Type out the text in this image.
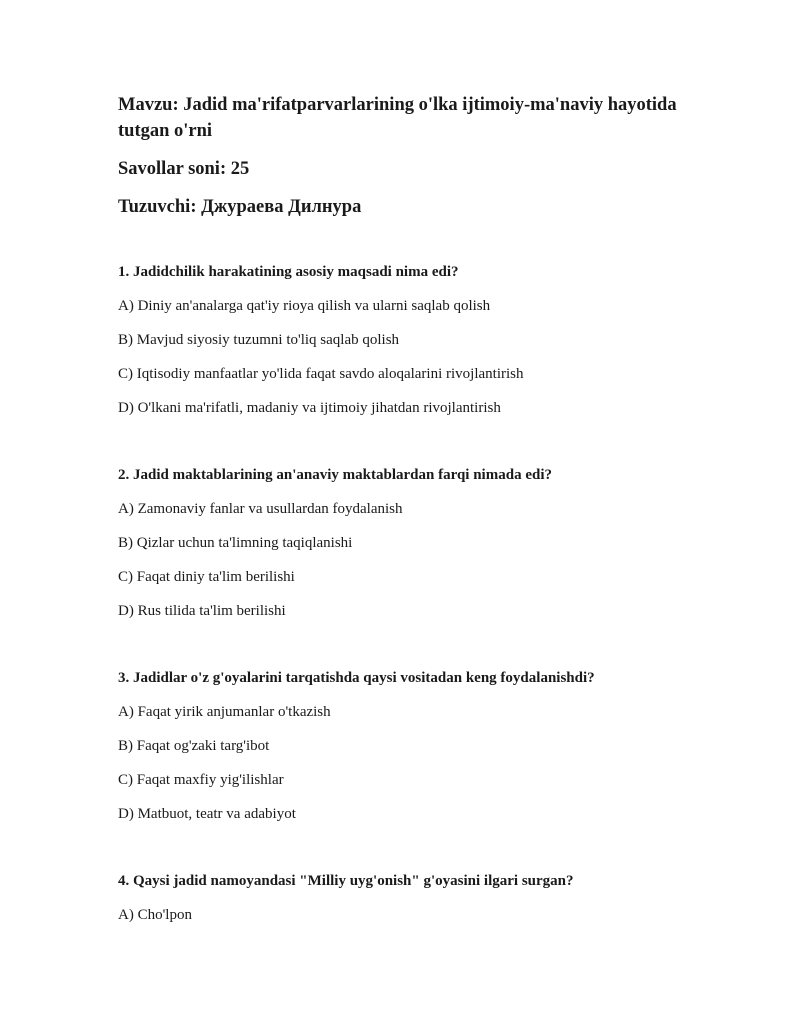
Mavzu: Jadid ma'rifatparvarlarining o'lka ijtimoiy-ma'naviy hayotida tutgan o'rni

Savollar soni: 25

Tuzuvchi: Джураева Дилнура

1. Jadidchilik harakatining asosiy maqsadi nima edi?

A) Diniy an'analarga qat'iy rioya qilish va ularni saqlab qolish

B) Mavjud siyosiy tuzumni to'liq saqlab qolish

C) Iqtisodiy manfaatlar yo'lida faqat savdo aloqalarini rivojlantirish

D) O'lkani ma'rifatli, madaniy va ijtimoiy jihatdan rivojlantirish

2. Jadid maktablarining an'anaviy maktablardan farqi nimada edi?

A) Zamonaviy fanlar va usullardan foydalanish

B) Qizlar uchun ta'limning taqiqlanishi

C) Faqat diniy ta'lim berilishi

D) Rus tilida ta'lim berilishi

3. Jadidlar o'z g'oyalarini tarqatishda qaysi vositadan keng foydalanishdi?

A) Faqat yirik anjumanlar o'tkazish

B) Faqat og'zaki targ'ibot

C) Faqat maxfiy yig'ilishlar

D) Matbuot, teatr va adabiyot

4. Qaysi jadid namoyandasi "Milliy uyg'onish" g'oyasini ilgari surgan?

A) Cho'lpon
